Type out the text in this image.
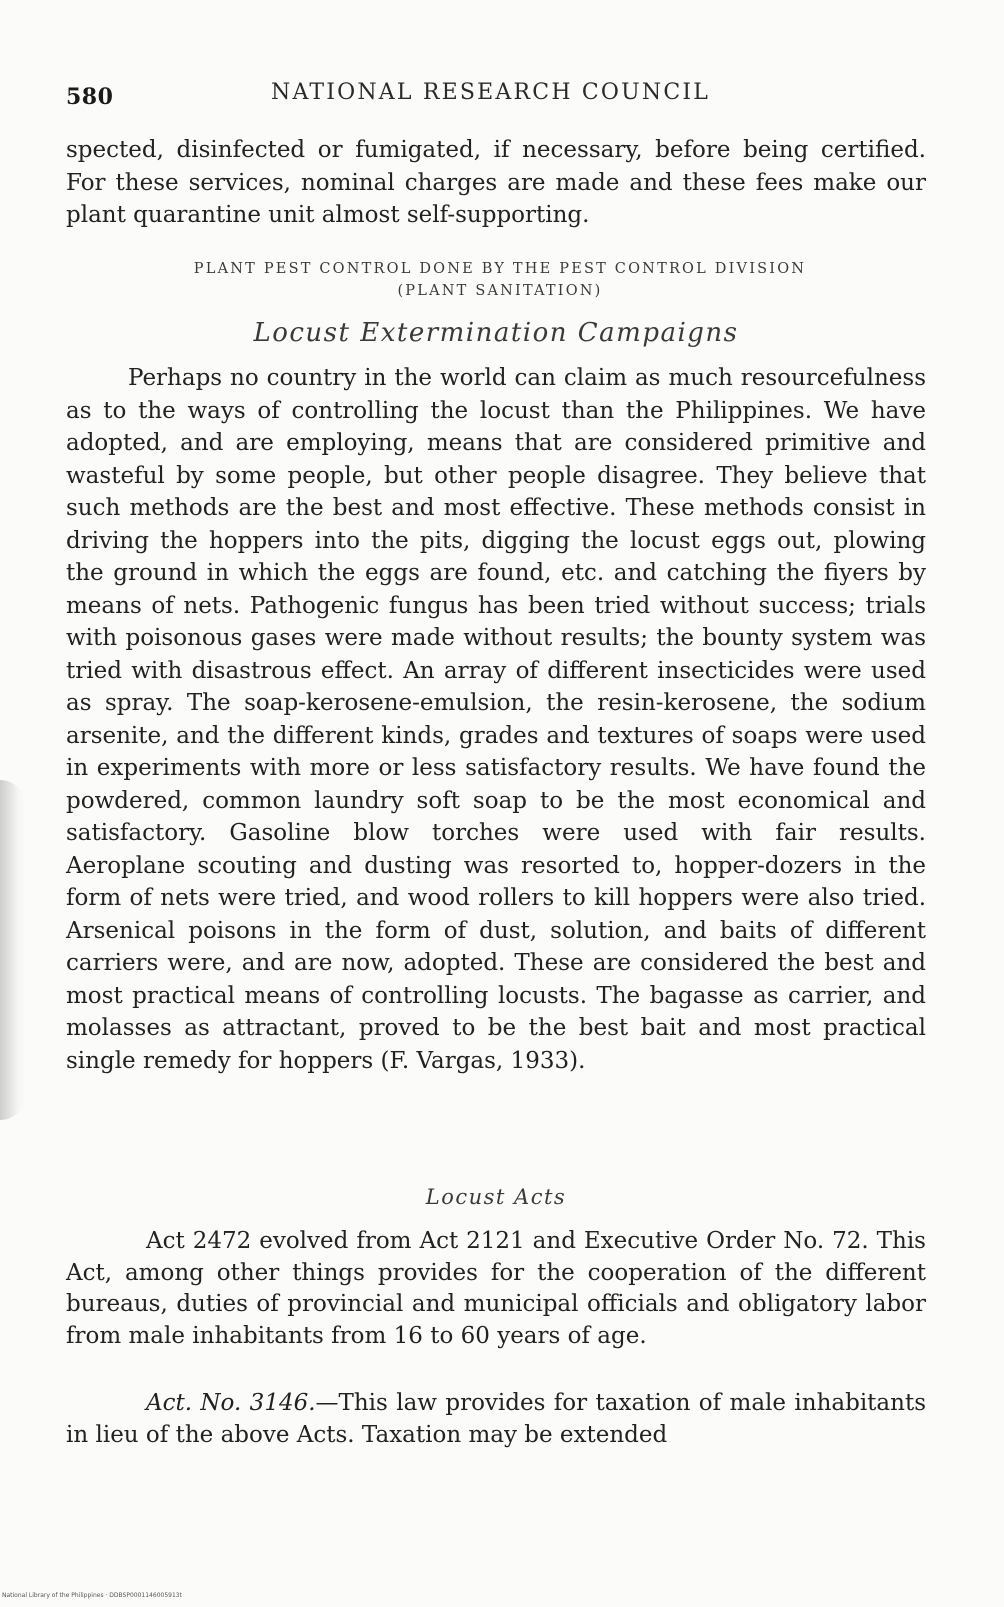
580	NATIONAL RESEARCH COUNCIL

spected, disinfected or fumigated, if necessary, before being certified. For these services, nominal charges are made and these fees make our plant quarantine unit almost self-supporting.

PLANT PEST CONTROL DONE BY THE PEST CONTROL DIVISION
(PLANT SANITATION)
Locust Extermination Campaigns

Perhaps no country in the world can claim as much resourcefulness as to the ways of controlling the locust than the Philippines. We have adopted, and are employing, means that are considered primitive and wasteful by some people, but other people disagree. They believe that such methods are the best and most effective. These methods consist in driving the hoppers into the pits, digging the locust eggs out, plowing the ground in which the eggs are found, etc. and catching the fiyers by means of nets. Pathogenic fungus has been tried without success; trials with poisonous gases were made without results; the bounty system was tried with disastrous effect. An array of different insecticides were used as spray. The soap-kerosene-emulsion, the resin-kerosene, the sodium arsenite, and the different kinds, grades and textures of soaps were used in experiments with more or less satisfactory results. We have found the powdered, common laundry soft soap to be the most economical and satisfactory. Gasoline blow torches were used with fair results. Aeroplane scouting and dusting was resorted to, hopper-dozers in the form of nets were tried, and wood rollers to kill hoppers were also tried. Arsenical poisons in the form of dust, solution, and baits of different carriers were, and are now, adopted. These are considered the best and most practical means of controlling locusts. The bagasse as carrier, and molasses as attractant, proved to be the best bait and most practical single remedy for hoppers (F. Vargas, 1933).

Locust Acts

Act 2472 evolved from Act 2121 and Executive Order No. 72. This Act, among other things provides for the cooperation of the different bureaus, duties of provincial and municipal officials and obligatory labor from male inhabitants from 16 to 60 years of age.

Act. No. 3146.—This law provides for taxation of male inhabitants in lieu of the above Acts. Taxation may be extended

National Library of the Philippines · DDBSP0001146005913t
